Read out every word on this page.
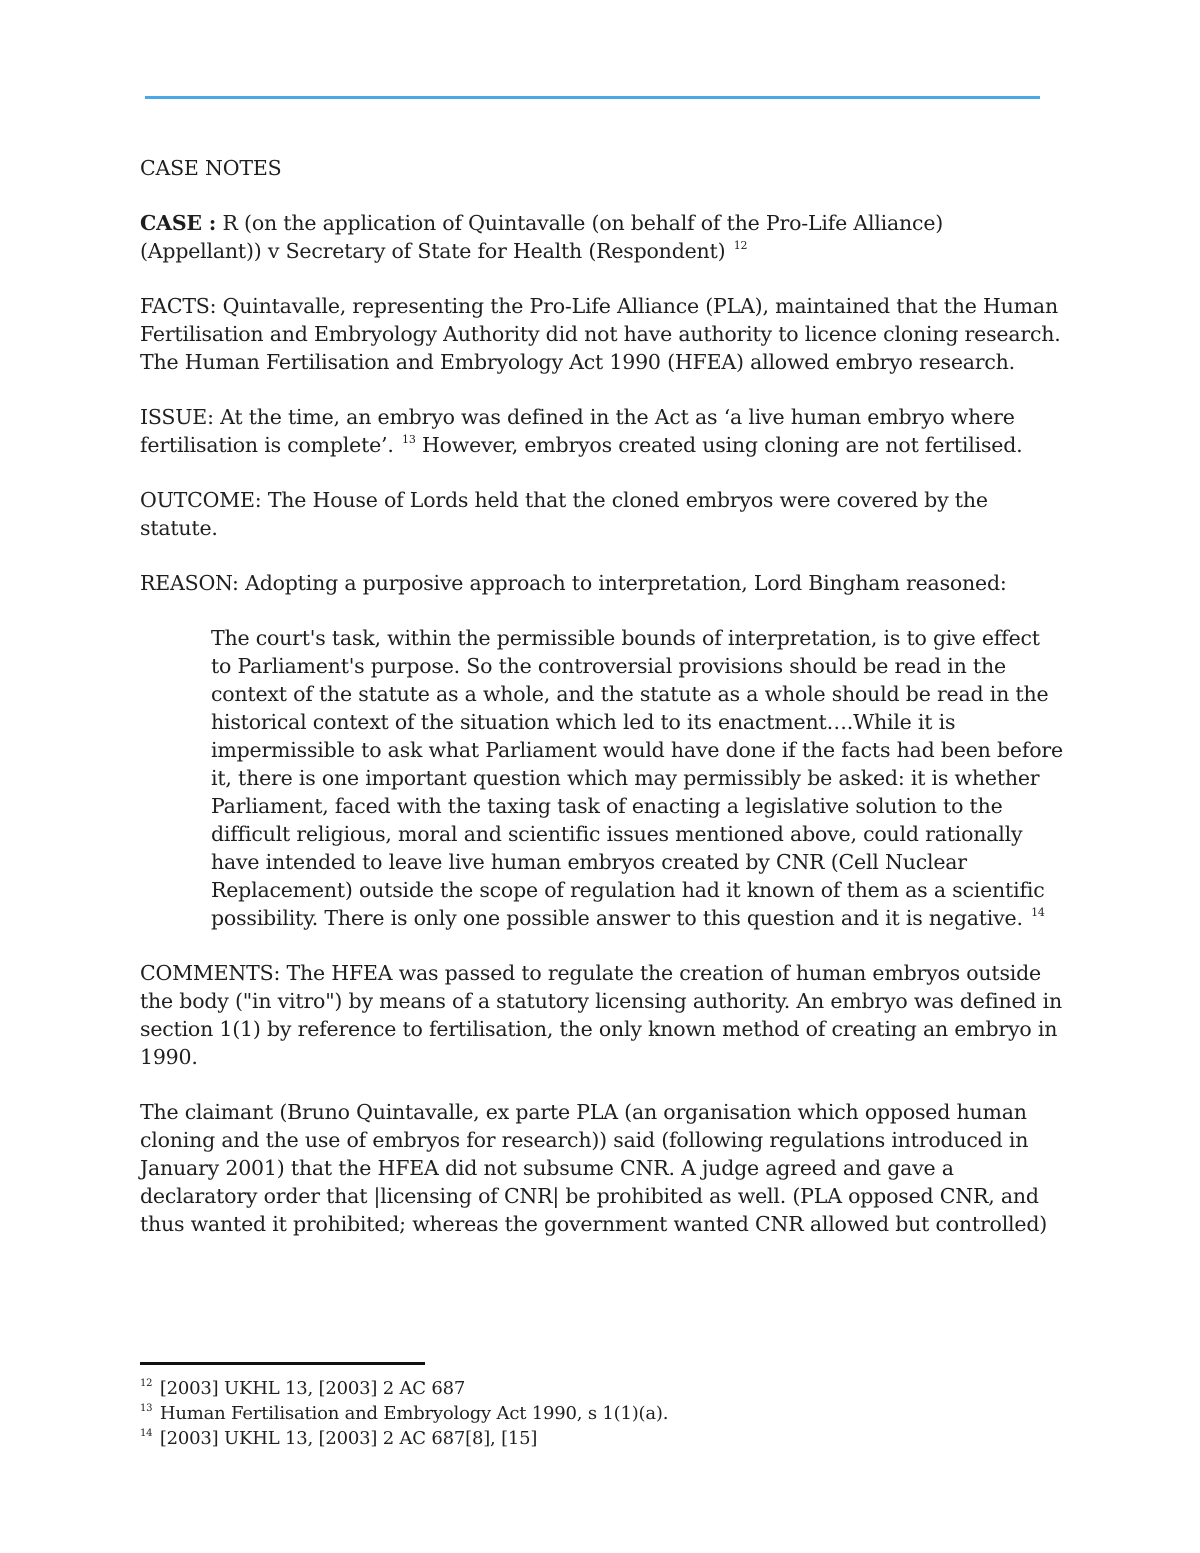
CASE NOTES

CASE : R (on the application of Quintavalle (on behalf of the Pro-Life Alliance) (Appellant)) v Secretary of State for Health (Respondent) $^{12}$

FACTS: Quintavalle, representing the Pro-Life Alliance (PLA), maintained that the Human Fertilisation and Embryology Authority did not have authority to licence cloning research. The Human Fertilisation and Embryology Act 1990 (HFEA) allowed embryo research.

ISSUE: At the time, an embryo was defined in the Act as ‘a live human embryo where fertilisation is complete’. $^{13}$ However, embryos created using cloning are not fertilised.

OUTCOME: The House of Lords held that the cloned embryos were covered by the statute.

REASON: Adopting a purposive approach to interpretation, Lord Bingham reasoned:

The court's task, within the permissible bounds of interpretation, is to give effect to Parliament's purpose. So the controversial provisions should be read in the context of the statute as a whole, and the statute as a whole should be read in the historical context of the situation which led to its enactment….While it is impermissible to ask what Parliament would have done if the facts had been before it, there is one important question which may permissibly be asked: it is whether Parliament, faced with the taxing task of enacting a legislative solution to the difficult religious, moral and scientific issues mentioned above, could rationally have intended to leave live human embryos created by CNR (Cell Nuclear Replacement) outside the scope of regulation had it known of them as a scientific possibility. There is only one possible answer to this question and it is negative. $^{14}$

COMMENTS: The HFEA was passed to regulate the creation of human embryos outside the body ("in vitro") by means of a statutory licensing authority. An embryo was defined in section 1(1) by reference to fertilisation, the only known method of creating an embryo in 1990.

The claimant (Bruno Quintavalle, ex parte PLA (an organisation which opposed human cloning and the use of embryos for research)) said (following regulations introduced in January 2001) that the HFEA did not subsume CNR. A judge agreed and gave a declaratory order that |licensing of CNR| be prohibited as well. (PLA opposed CNR, and thus wanted it prohibited; whereas the government wanted CNR allowed but controlled)

$^{12}$ [2003] UKHL 13, [2003] 2 AC 687

$^{13}$ Human Fertilisation and Embryology Act 1990, s 1(1)(a).

$^{14}$ [2003] UKHL 13, [2003] 2 AC 687[8], [15]
